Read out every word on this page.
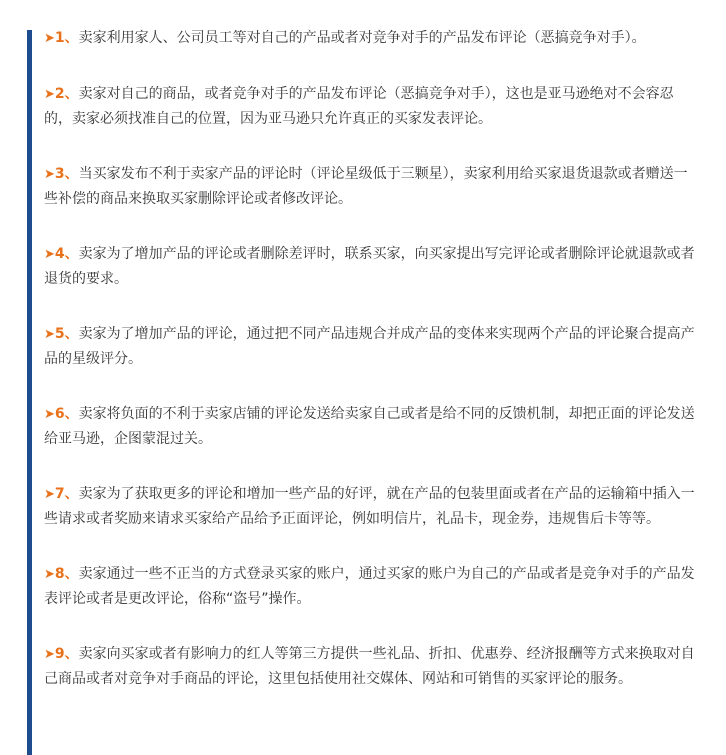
➤1、卖家利用家人、公司员工等对自己的产品或者对竞争对手的产品发布评论（恶搞竞争对手）。

➤2、卖家对自己的商品，或者竞争对手的产品发布评论（恶搞竞争对手），这也是亚马逊绝对不会容忍的，卖家必须找准自己的位置，因为亚马逊只允许真正的买家发表评论。

➤3、当买家发布不利于卖家产品的评论时（评论星级低于三颗星），卖家利用给买家退货退款或者赠送一些补偿的商品来换取买家删除评论或者修改评论。

➤4、卖家为了增加产品的评论或者删除差评时，联系买家，向买家提出写完评论或者删除评论就退款或者退货的要求。

➤5、卖家为了增加产品的评论，通过把不同产品违规合并成产品的变体来实现两个产品的评论聚合提高产品的星级评分。

➤6、卖家将负面的不利于卖家店铺的评论发送给卖家自己或者是给不同的反馈机制，却把正面的评论发送给亚马逊，企图蒙混过关。

➤7、卖家为了获取更多的评论和增加一些产品的好评，就在产品的包装里面或者在产品的运输箱中插入一些请求或者奖励来请求买家给产品给予正面评论，例如明信片，礼品卡，现金券，违规售后卡等等。

➤8、卖家通过一些不正当的方式登录买家的账户，通过买家的账户为自己的产品或者是竞争对手的产品发表评论或者是更改评论，俗称“盗号”操作。

➤9、卖家向买家或者有影响力的红人等第三方提供一些礼品、折扣、优惠券、经济报酬等方式来换取对自己商品或者对竞争对手商品的评论，这里包括使用社交媒体、网站和可销售的买家评论的服务。
